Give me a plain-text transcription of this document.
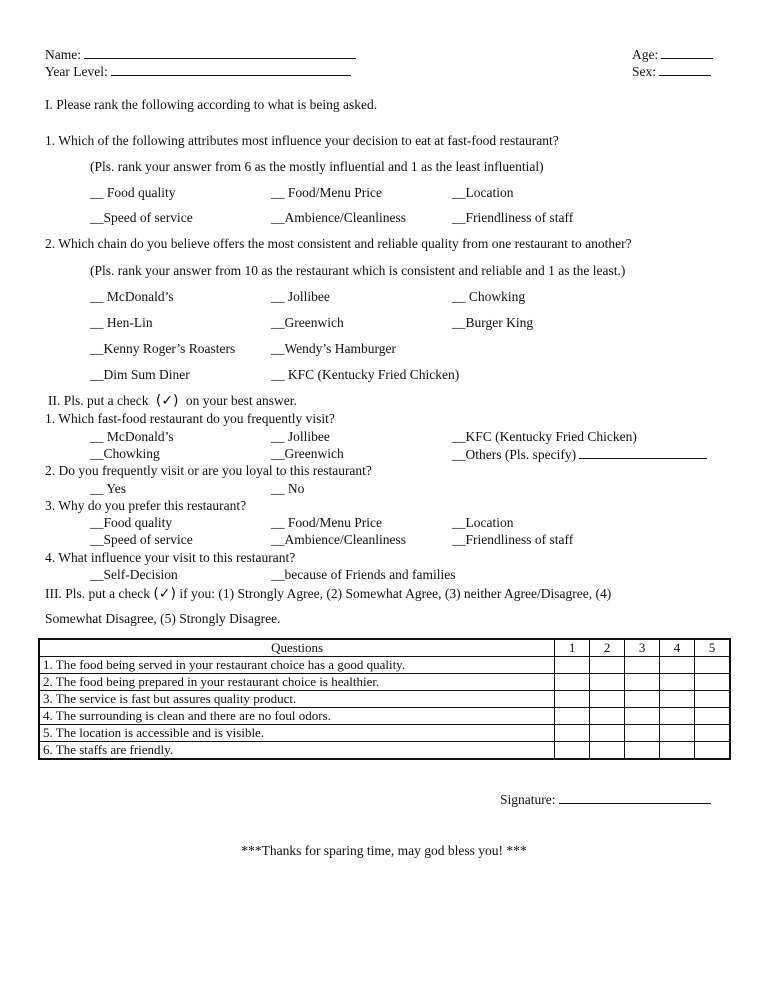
Name:
Year Level:
Age:
Sex:
I. Please rank the following according to what is being asked.
1. Which of the following attributes most influence your decision to eat at fast-food restaurant?
(Pls. rank your answer from 6 as the mostly influential and 1 as the least influential)
__ Food quality	__ Food/Menu Price	__Location
__Speed of service	__Ambience/Cleanliness	__Friendliness of staff
2. Which chain do you believe offers the most consistent and reliable quality from one restaurant to another?
(Pls. rank your answer from 10 as the restaurant which is consistent and reliable and 1 as the least.)
__ McDonald’s	__ Jollibee	__ Chowking
__ Hen-Lin	__Greenwich	__Burger King
__Kenny Roger’s Roasters	__Wendy’s Hamburger
__Dim Sum Diner	__ KFC (Kentucky Fried Chicken)
II. Pls. put a check (✓) on your best answer.
1. Which fast-food restaurant do you frequently visit?
__ McDonald’s	__ Jollibee	__KFC (Kentucky Fried Chicken)
__Chowking	__Greenwich	__Others (Pls. specify)
2. Do you frequently visit or are you loyal to this restaurant?
__ Yes	__ No
3. Why do you prefer this restaurant?
__Food quality	__ Food/Menu Price	__Location
__Speed of service	__Ambience/Cleanliness	__Friendliness of staff
4. What influence your visit to this restaurant?
__Self-Decision	__because of Friends and families
III. Pls. put a check (✓) if you: (1) Strongly Agree, (2) Somewhat Agree, (3) neither Agree/Disagree, (4)
Somewhat Disagree, (5) Strongly Disagree.
Questions	1	2	3	4	5
1. The food being served in your restaurant choice has a good quality.					
2. The food being prepared in your restaurant choice is healthier.					
3. The service is fast but assures quality product.					
4. The surrounding is clean and there are no foul odors.					
5. The location is accessible and is visible.					
6. The staffs are friendly.					
Signature:
***Thanks for sparing time, may god bless you! ***
